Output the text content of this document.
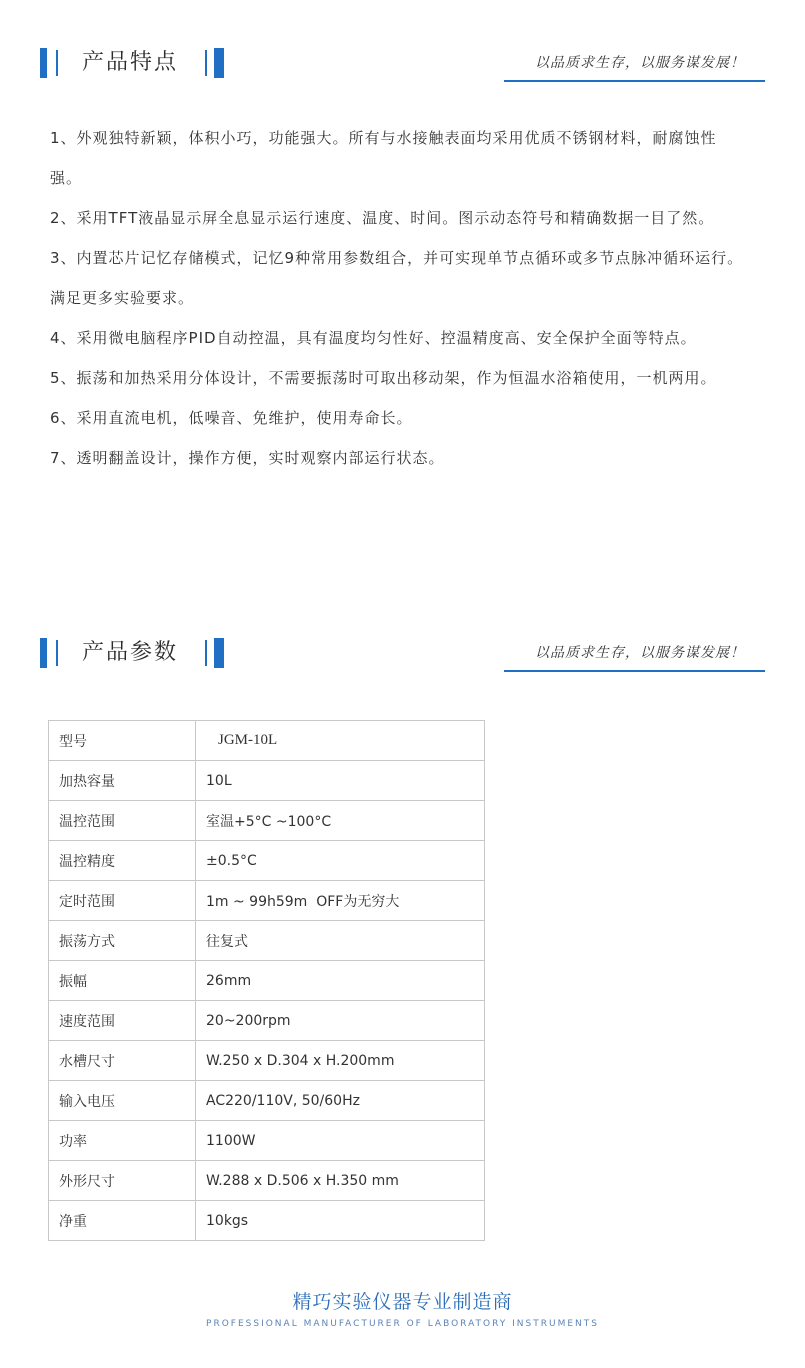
产品特点	以品质求生存，以服务谋发展！

1、外观独特新颖，体积小巧，功能强大。所有与水接触表面均采用优质不锈钢材料，耐腐蚀性强。

2、采用TFT液晶显示屏全息显示运行速度、温度、时间。图示动态符号和精确数据一目了然。

3、内置芯片记忆存储模式，记忆9种常用参数组合，并可实现单节点循环或多节点脉冲循环运行。满足更多实验要求。

4、采用微电脑程序PID自动控温，具有温度均匀性好、控温精度高、安全保护全面等特点。

5、振荡和加热采用分体设计，不需要振荡时可取出移动架，作为恒温水浴箱使用，一机两用。

6、采用直流电机，低噪音、免维护，使用寿命长。

7、透明翻盖设计，操作方便，实时观察内部运行状态。

产品参数	以品质求生存，以服务谋发展！
型号	JGM-10L
加热容量	10L
温控范围	室温+5°C ~100°C
温控精度	±0.5°C
定时范围	1m ~ 99h59m  OFF为无穷大
振荡方式	往复式
振幅	26mm
速度范围	20~200rpm
水槽尺寸	W.250 x D.304 x H.200mm
输入电压	AC220/110V, 50/60Hz
功率	1100W
外形尺寸	W.288 x D.506 x H.350 mm
净重	10kgs
精巧实验仪器专业制造商
PROFESSIONAL MANUFACTURER OF LABORATORY INSTRUMENTS
